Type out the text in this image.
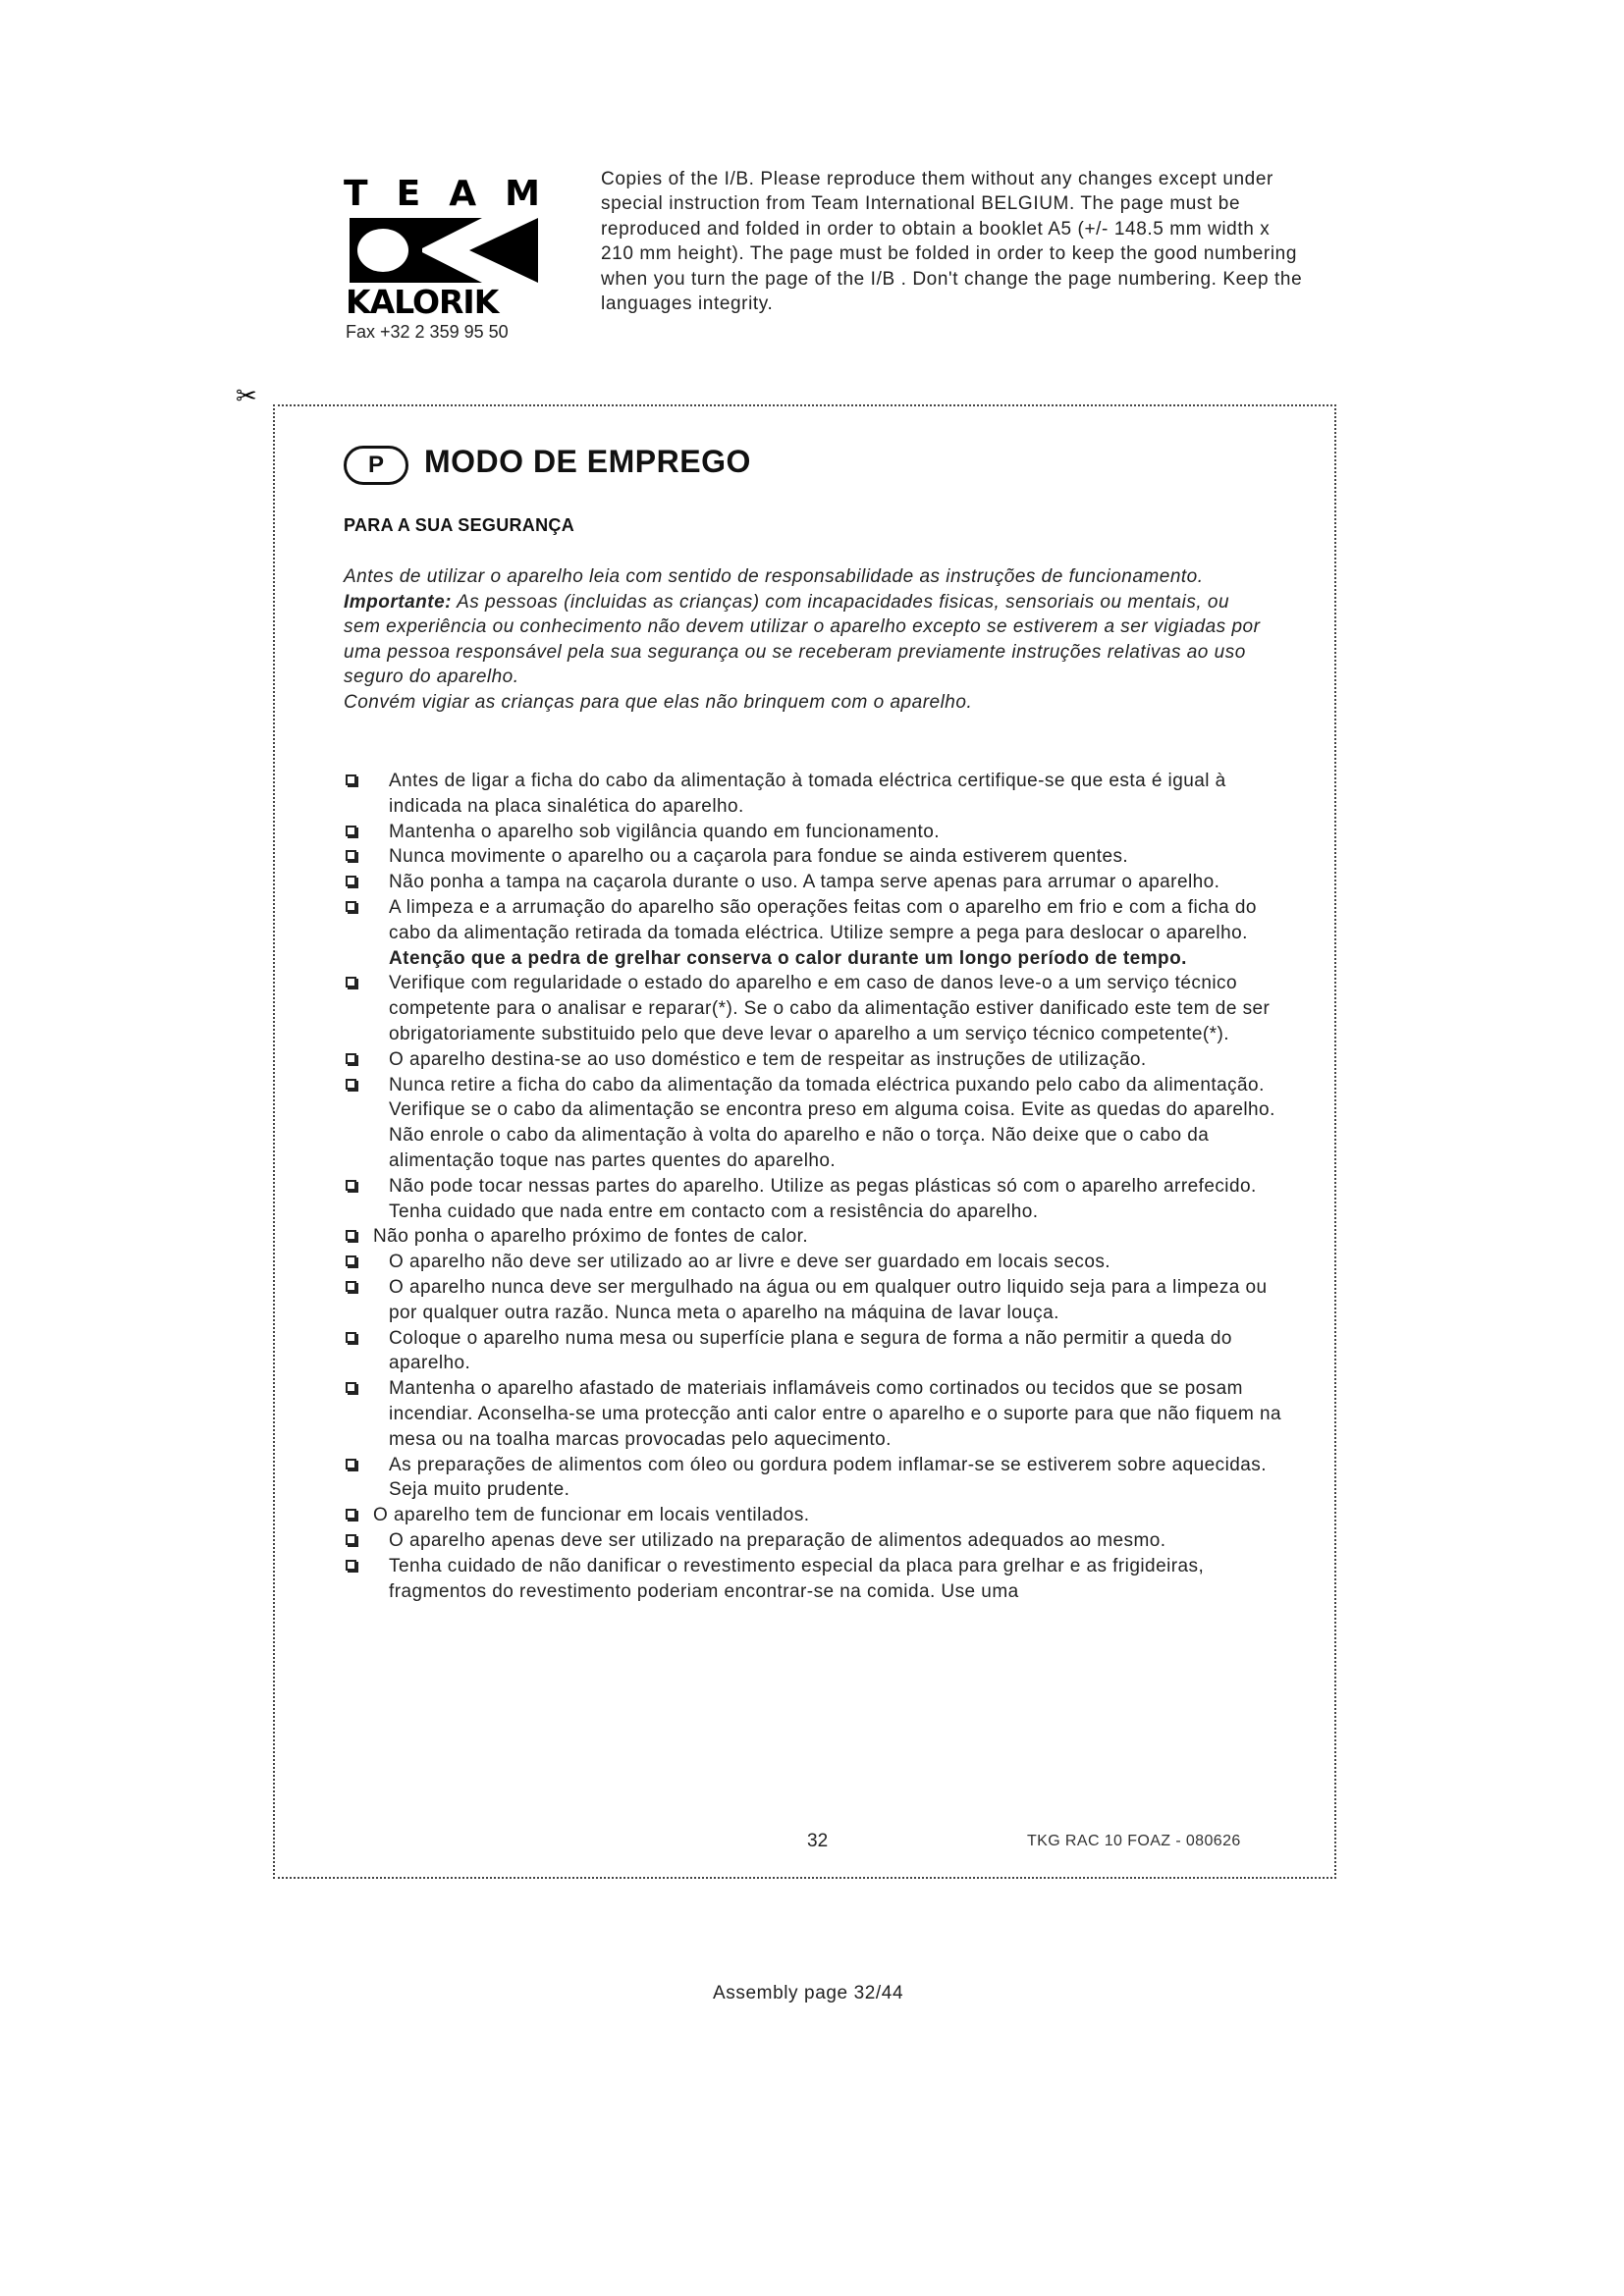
T E A M
KALORIK
Fax +32 2 359 95 50

Copies of the I/B. Please reproduce them without any changes except under special instruction from Team International BELGIUM. The page must be reproduced and folded in order to obtain a booklet A5 (+/- 148.5 mm width x 210 mm height). The page must be folded in order to keep the good numbering when you turn the page of the I/B . Don't change the page numbering. Keep the languages integrity.

✂
P	MODO DE EMPREGO
PARA A SUA SEGURANÇA

Antes de utilizar o aparelho leia com sentido de responsabilidade as instruções de funcionamento.

Importante: As pessoas (incluidas as crianças) com incapacidades fisicas, sensoriais ou mentais, ou sem experiência ou conhecimento não devem utilizar o aparelho excepto se estiverem a ser vigiadas por uma pessoa responsável pela sua segurança ou se receberam previamente instruções relativas ao uso seguro do aparelho.

Convém vigiar as crianças para que elas não brinquem com o aparelho.

Antes de ligar a ficha do cabo da alimentação à tomada eléctrica certifique-se que esta é igual à indicada na placa sinalética do aparelho.
Mantenha o aparelho sob vigilância quando em funcionamento.
Nunca movimente o aparelho ou a caçarola para fondue se ainda estiverem quentes.
Não ponha a tampa na caçarola durante o uso. A tampa serve apenas para arrumar o aparelho.
A limpeza e a arrumação do aparelho são operações feitas com o aparelho em frio e com a ficha do cabo da alimentação retirada da tomada eléctrica. Utilize sempre a pega para deslocar o aparelho. Atenção que a pedra de grelhar conserva o calor durante um longo período de tempo.
Verifique com regularidade o estado do aparelho e em caso de danos leve-o a um serviço técnico competente para o analisar e reparar(*). Se o cabo da alimentação estiver danificado este tem de ser obrigatoriamente substituido pelo que deve levar o aparelho a um serviço técnico competente(*).
O aparelho destina-se ao uso doméstico e tem de respeitar as instruções de utilização.
Nunca retire a ficha do cabo da alimentação da tomada eléctrica puxando pelo cabo da alimentação. Verifique se o cabo da alimentação se encontra preso em alguma coisa. Evite as quedas do aparelho. Não enrole o cabo da alimentação à volta do aparelho e não o torça. Não deixe que o cabo da alimentação toque nas partes quentes do aparelho.
Não pode tocar nessas partes do aparelho. Utilize as pegas plásticas só com o aparelho arrefecido. Tenha cuidado que nada entre em contacto com a resistência do aparelho.
Não ponha o aparelho próximo de fontes de calor.
O aparelho não deve ser utilizado ao ar livre e deve ser guardado em locais secos.
O aparelho nunca deve ser mergulhado na água ou em qualquer outro liquido seja para a limpeza ou por qualquer outra razão. Nunca meta o aparelho na máquina de lavar louça.
Coloque o aparelho numa mesa ou superfície plana e segura de forma a não permitir a queda do aparelho.
Mantenha o aparelho afastado de materiais inflamáveis como cortinados ou tecidos que se posam incendiar. Aconselha-se uma protecção anti calor entre o aparelho e o suporte para que não fiquem na mesa ou na toalha marcas provocadas pelo aquecimento.
As preparações de alimentos com óleo ou gordura podem inflamar-se se estiverem sobre aquecidas. Seja muito prudente.
O aparelho tem de funcionar em locais ventilados.
O aparelho apenas deve ser utilizado na preparação de alimentos adequados ao mesmo.
Tenha cuidado de não danificar o revestimento especial da placa para grelhar e as frigideiras, fragmentos do revestimento poderiam encontrar-se na comida. Use uma
32	TKG RAC 10 FOAZ - 080626
Assembly page 32/44
